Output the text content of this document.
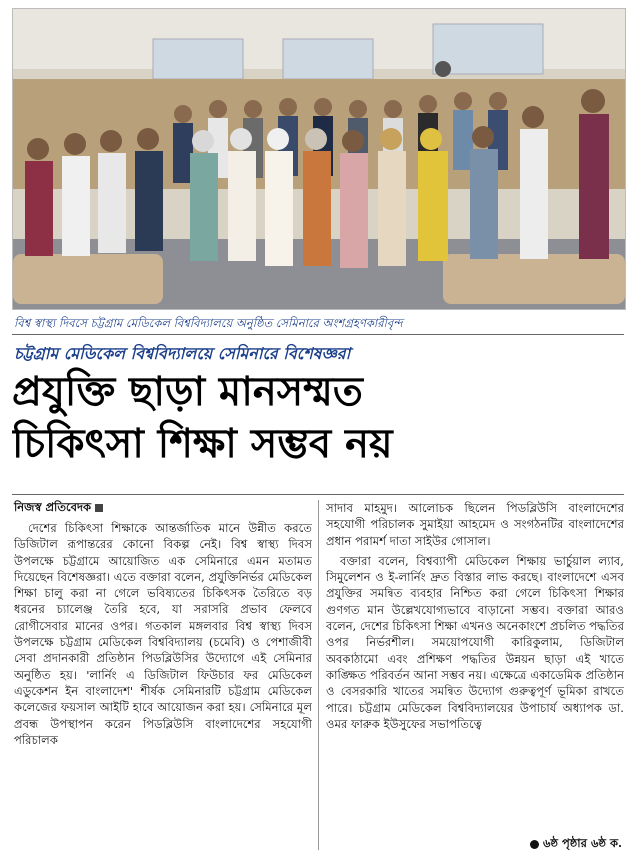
বিশ্ব স্বাস্থ্য দিবসে চট্টগ্রাম মেডিকেল বিশ্ববিদ্যালয়ে অনুষ্ঠিত সেমিনারে অংশগ্রহণকারীবৃন্দ
চট্টগ্রাম মেডিকেল বিশ্ববিদ্যালয়ে সেমিনারে বিশেষজ্ঞরা
প্রযুক্তি ছাড়া মানসম্মত
চিকিৎসা শিক্ষা সম্ভব নয়
নিজস্ব প্রতিবেদক

দেশের চিকিৎসা শিক্ষাকে আন্তর্জাতিক মানে উন্নীত করতে ডিজিটাল রূপান্তরের কোনো বিকল্প নেই। বিশ্ব স্বাস্থ্য দিবস উপলক্ষে চট্টগ্রামে আয়োজিত এক সেমিনারে এমন মতামত দিয়েছেন বিশেষজ্ঞরা। এতে বক্তারা বলেন, প্রযুক্তিনির্ভর মেডিকেল শিক্ষা চালু করা না গেলে ভবিষ্যতের চিকিৎসক তৈরিতে বড় ধরনের চ্যালেঞ্জ তৈরি হবে, যা সরাসরি প্রভাব ফেলবে রোগীসেবার মানের ওপর। গতকাল মঙ্গলবার বিশ্ব স্বাস্থ্য দিবস উপলক্ষে চট্টগ্রাম মেডিকেল বিশ্ববিদ্যালয় (চমেবি) ও পেশাজীবী সেবা প্রদানকারী প্রতিষ্ঠান পিডব্লিউসির উদ্যোগে এই সেমিনার অনুষ্ঠিত হয়। 'লার্নিং এ ডিজিটাল ফিউচার ফর মেডিকেল এডুকেশন ইন বাংলাদেশ' শীর্ষক সেমিনারটি চট্টগ্রাম মেডিকেল কলেজের ফয়সাল আইটি হাবে আয়োজন করা হয়। সেমিনারে মূল প্রবন্ধ উপস্থাপন করেন পিডব্লিউসি বাংলাদেশের সহযোগী পরিচালক

সাদাব মাহমুদ। আলোচক ছিলেন পিডব্লিউসি বাংলাদেশের সহযোগী পরিচালক সুমাইয়া আহমেদ ও সংগঠনটির বাংলাদেশের প্রধান পরামর্শ দাতা সাইউর গোসাল।

বক্তারা বলেন, বিশ্বব্যাপী মেডিকেল শিক্ষায় ভার্চুয়াল ল্যাব, সিমুলেশন ও ই-লার্নিং দ্রুত বিস্তার লাভ করছে। বাংলাদেশে এসব প্রযুক্তির সমন্বিত ব্যবহার নিশ্চিত করা গেলে চিকিৎসা শিক্ষার গুণগত মান উল্লেখযোগ্যভাবে বাড়ানো সম্ভব। বক্তারা আরও বলেন, দেশের চিকিৎসা শিক্ষা এখনও অনেকাংশে প্রচলিত পদ্ধতির ওপর নির্ভরশীল। সময়োপযোগী কারিকুলাম, ডিজিটাল অবকাঠামো এবং প্রশিক্ষণ পদ্ধতির উন্নয়ন ছাড়া এই খাতে কাঙ্ক্ষিত পরিবর্তন আনা সম্ভব নয়। এক্ষেত্রে একাডেমিক প্রতিষ্ঠান ও বেসরকারি খাতের সমন্বিত উদ্যোগ গুরুত্বপূর্ণ ভূমিকা রাখতে পারে। চট্টগ্রাম মেডিকেল বিশ্ববিদ্যালয়ের উপাচার্য অধ্যাপক ডা. ওমর ফারুক ইউসুফের সভাপতিত্বে

৬ষ্ঠ পৃষ্ঠার ৬ষ্ঠ ক.
